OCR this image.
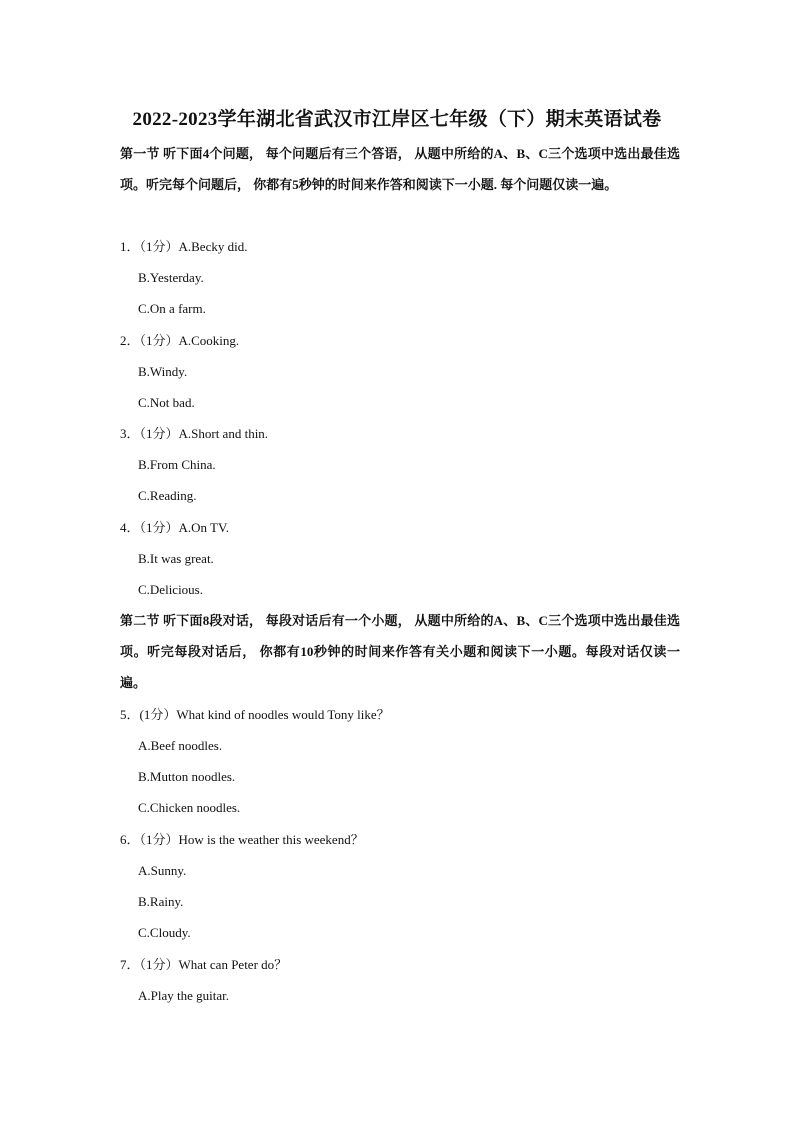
2022-2023学年湖北省武汉市江岸区七年级（下）期末英语试卷
第一节 听下面4个问题， 每个问题后有三个答语， 从题中所给的A、B、C三个选项中选出最佳选项。听完每个问题后， 你都有5秒钟的时间来作答和阅读下一小题. 每个问题仅读一遍。
1．（1分）A.Becky did.
B.Yesterday.
C.On a farm.
2．（1分）A.Cooking.
B.Windy.
C.Not bad.
3．（1分）A.Short and thin.
B.From China.
C.Reading.
4．（1分）A.On TV.
B.It was great.
C.Delicious.
第二节 听下面8段对话， 每段对话后有一个小题， 从题中所给的A、B、C三个选项中选出最佳选项。听完每段对话后， 你都有10秒钟的时间来作答有关小题和阅读下一小题。每段对话仅读一遍。
5．(1分）What kind of noodles would Tony like？
A.Beef noodles.
B.Mutton noodles.
C.Chicken noodles.
6．（1分）How is the weather this weekend？
A.Sunny.
B.Rainy.
C.Cloudy.
7．（1分）What can Peter do？
A.Play the guitar.
